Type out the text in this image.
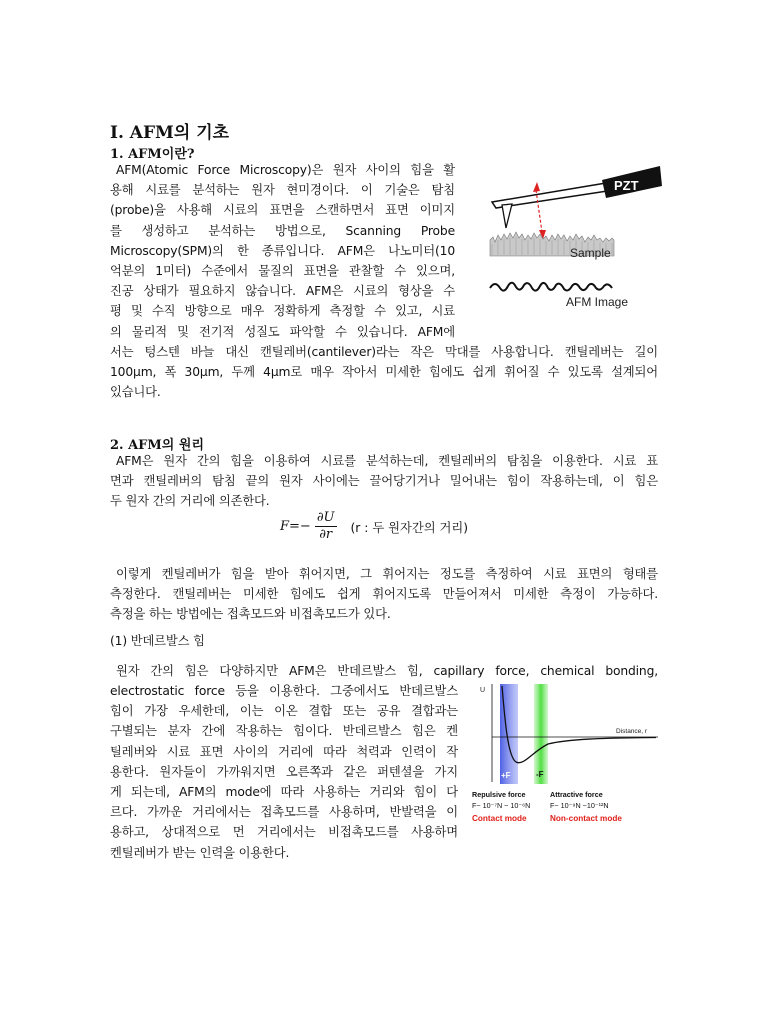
Ⅰ. AFM의 기초
1. AFM이란?
AFM(Atomic Force Microscopy)은 원자 사이의 힘을 활
용해 시료를 분석하는 원자 현미경이다. 이 기술은 탐침
(probe)을 사용해 시료의 표면을 스캔하면서 표면 이미지
를 생성하고 분석하는 방법으로, Scanning Probe
Microscopy(SPM)의 한 종류입니다. AFM은 나노미터(10
억분의 1미터) 수준에서 물질의 표면을 관찰할 수 있으며,
진공 상태가 필요하지 않습니다. AFM은 시료의 형상을 수
평 및 수직 방향으로 매우 정확하게 측정할 수 있고, 시료
의 물리적 및 전기적 성질도 파악할 수 있습니다. AFM에
서는 텅스텐 바늘 대신 캔틸레버(cantilever)라는 작은 막대를 사용합니다. 캔틸레버는 길이
100μm, 폭 30μm, 두께 4μm로 매우 작아서 미세한 힘에도 쉽게 휘어질 수 있도록 설계되어
있습니다.
PZT
Sample
AFM Image
2. AFM의 원리
AFM은 원자 간의 힘을 이용하여 시료를 분석하는데, 켄틸레버의 탐침을 이용한다. 시료 표
면과 캔틸레버의 탐침 끝의 원자 사이에는 끌어당기거나 밀어내는 힘이 작용하는데, 이 힘은
두 원자 간의 거리에 의존한다.
$F=- \frac{\partial U}{\partial r} (r$ : 두 원자간의 거리)
이렇게 켄틸레버가 힘을 받아 휘어지면, 그 휘어지는 정도를 측정하여 시료 표면의 형태를
측정한다. 캔틸레버는 미세한 힘에도 쉽게 휘어지도록 만들어져서 미세한 측정이 가능하다.
측정을 하는 방법에는 접촉모드와 비접촉모드가 있다.
(1) 반데르발스 힘
원자 간의 힘은 다양하지만 AFM은 반데르발스 힘, capillary force, chemical bonding,
electrostatic force 등을 이용한다. 그중에서도 반데르발스
힘이 가장 우세한데, 이는 이온 결합 또는 공유 결합과는
구별되는 분자 간에 작용하는 힘이다. 반데르발스 힘은 켄
틸레버와 시료 표면 사이의 거리에 따라 척력과 인력이 작
용한다. 원자들이 가까워지면 오른쪽과 같은 퍼텐셜을 가지
게 되는데, AFM의 mode에 따라 사용하는 거리와 힘이 다
르다. 가까운 거리에서는 접촉모드를 사용하며, 반발력을 이
용하고, 상대적으로 먼 거리에서는 비접촉모드를 사용하며
켄틸레버가 받는 인력을 이용한다.
U
Distance, r
+F	-F
Repulsive force
F~ 10⁻⁷N ~ 10⁻⁶N
Contact mode
Attractive force
F~ 10⁻⁹N ~10⁻¹²N
Non-contact mode
